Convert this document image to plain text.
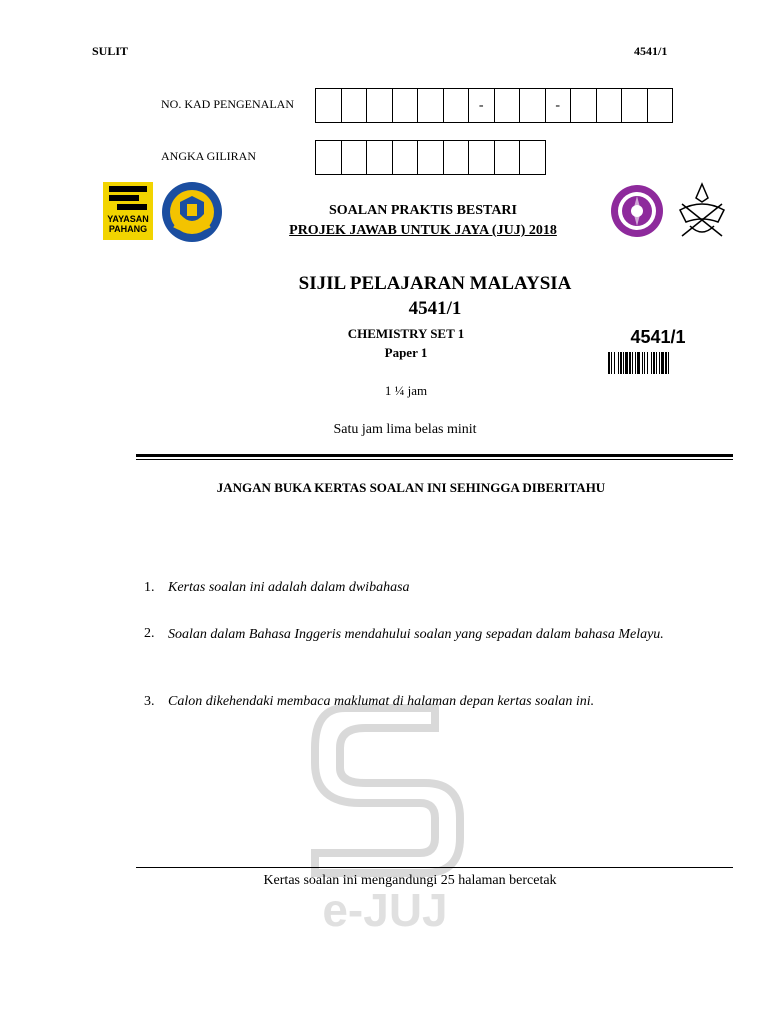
SULIT	4541/1
NO. KAD PENGENALAN	-	-
ANGKA GILIRAN
YAYASAN
PAHANG
SOALAN PRAKTIS BESTARI
PROJEK JAWAB UNTUK JAYA (JUJ) 2018
SIJIL PELAJARAN MALAYSIA
4541/1
CHEMISTRY SET 1
Paper 1
1 ¼ jam
Satu jam lima belas minit
4541/1
JANGAN BUKA KERTAS SOALAN INI SEHINGGA DIBERITAHU
e-JUJ
1. Kertas soalan ini adalah dalam dwibahasa
2. Soalan dalam Bahasa Inggeris mendahului soalan yang sepadan dalam bahasa Melayu.
3. Calon dikehendaki membaca maklumat di halaman depan kertas soalan ini.
Kertas soalan ini mengandungi 25 halaman bercetak
